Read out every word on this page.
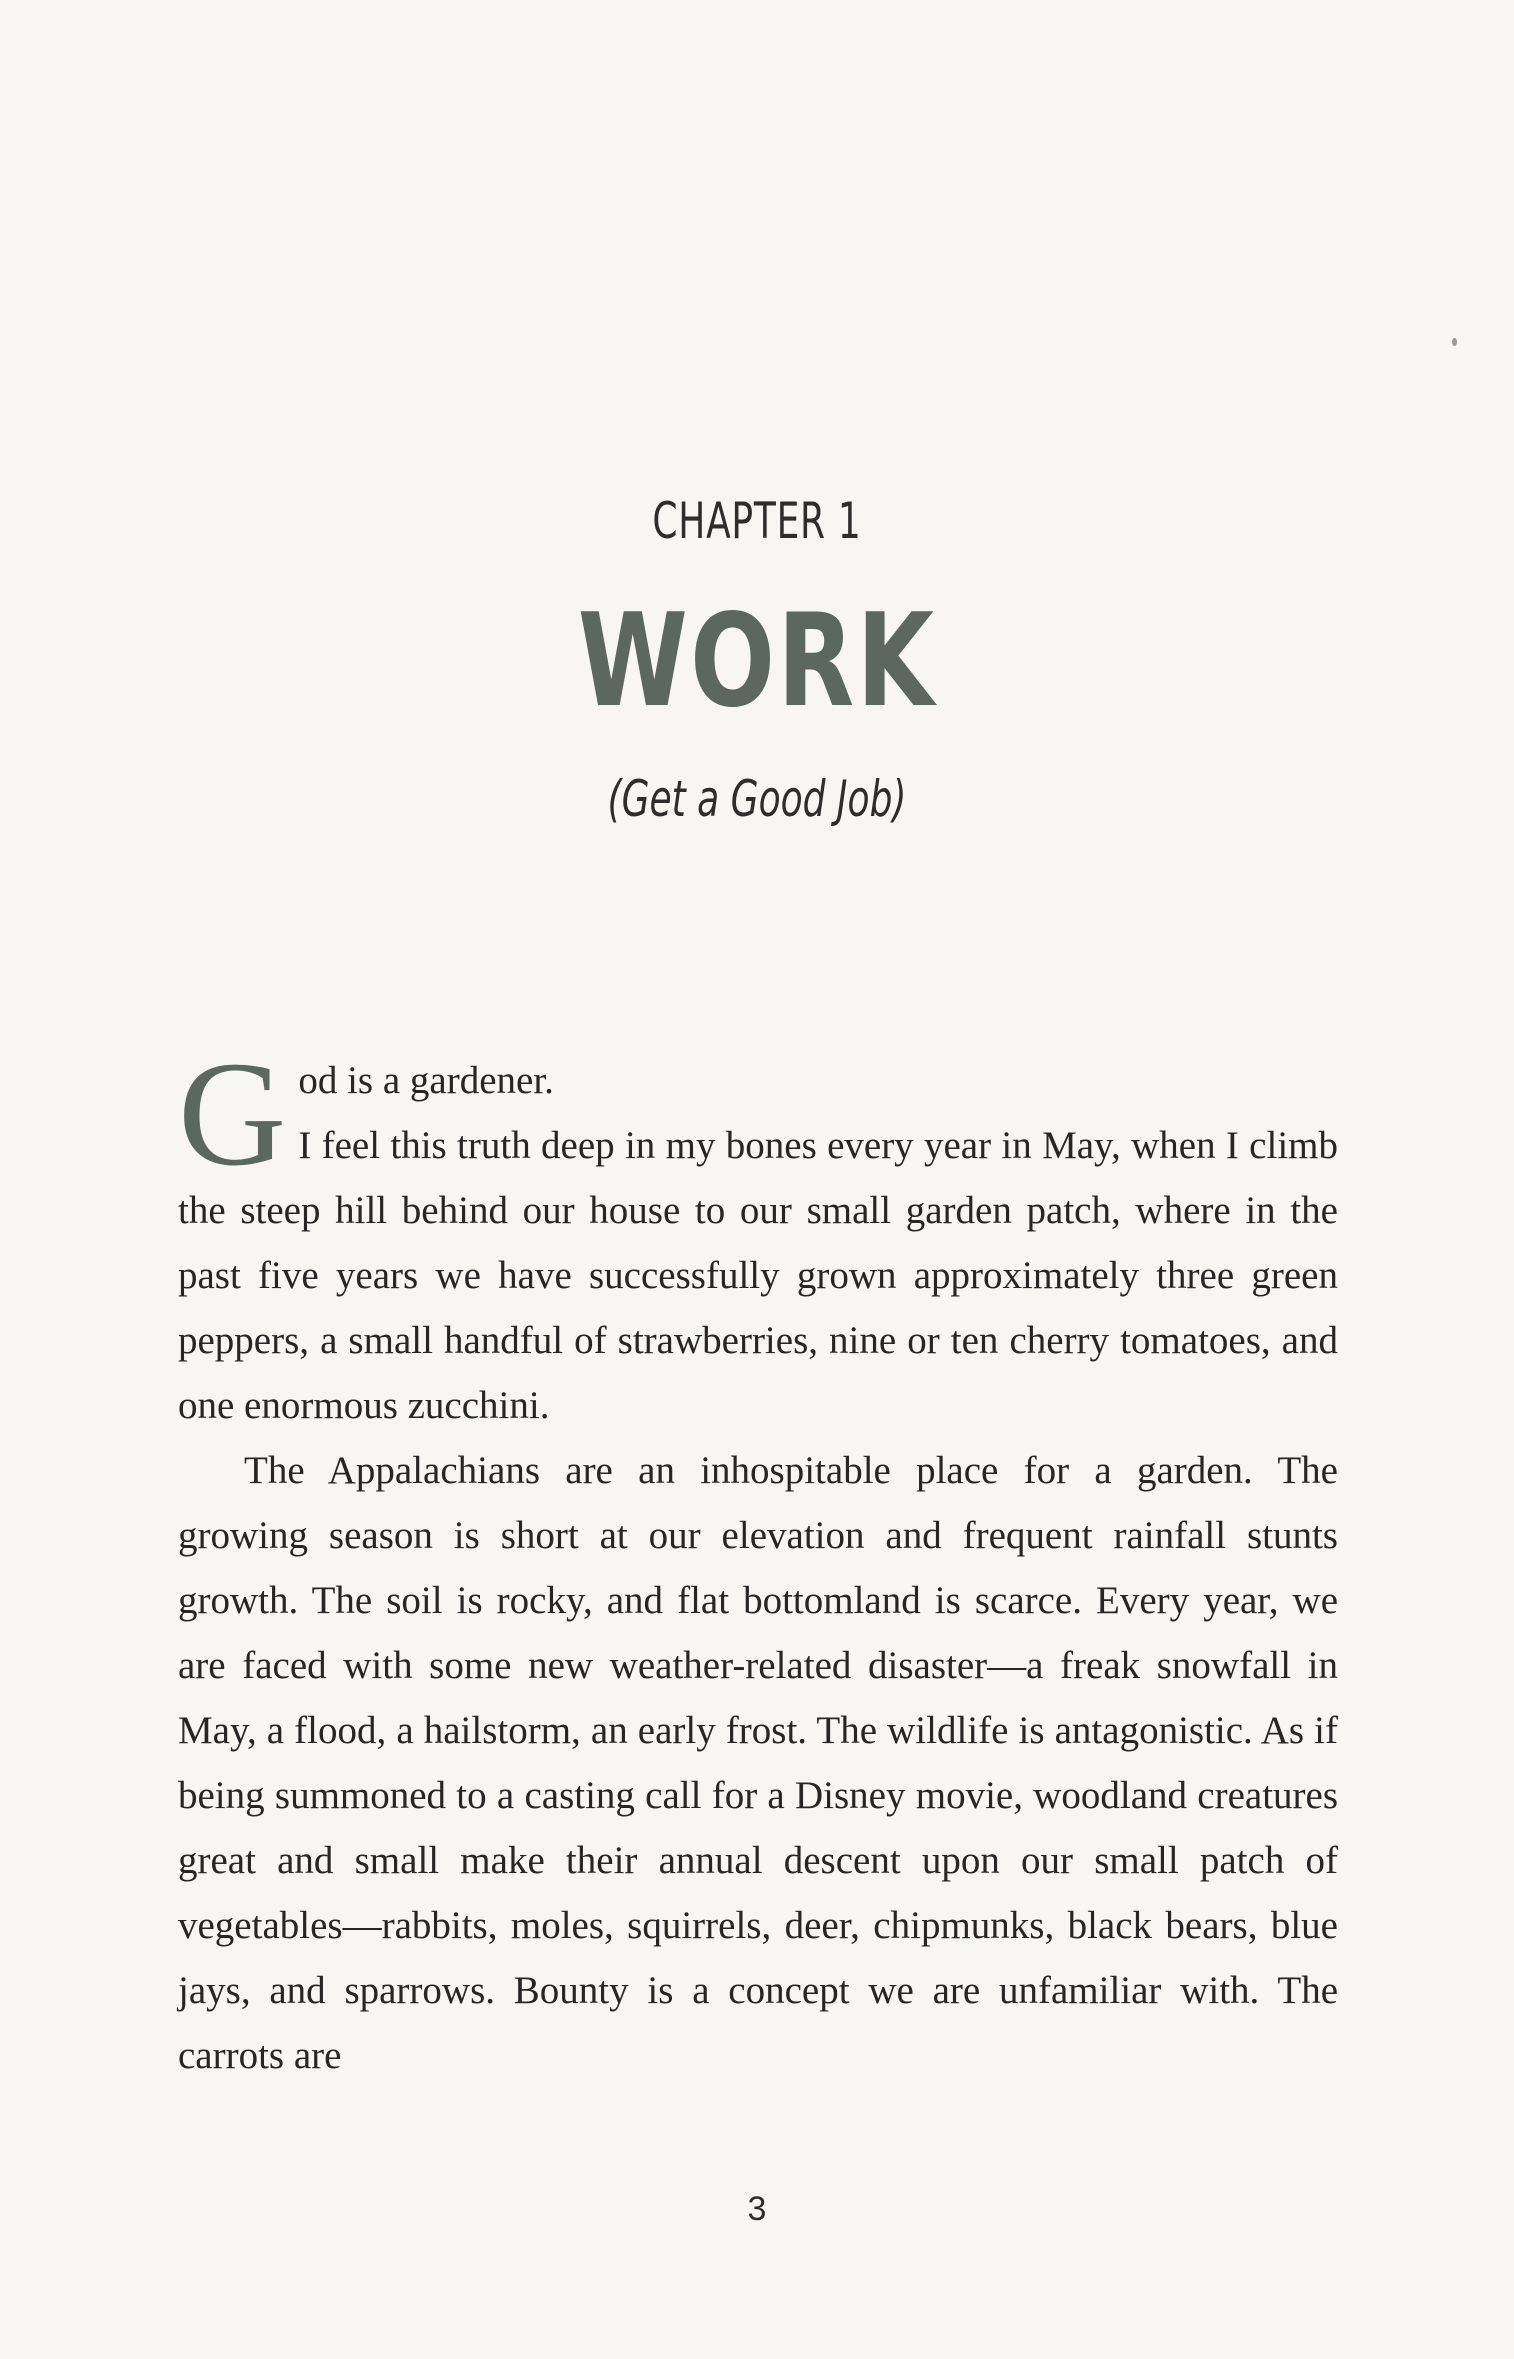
CHAPTER 1
WORK
(Get a Good Job)
G od is a gardener.
I feel this truth deep in my bones every year in May, when I climb the steep hill behind our house to our small garden patch, where in the past five years we have successfully grown approximately three green peppers, a small handful of strawberries, nine or ten cherry tomatoes, and one enormous zucchini.

The Appalachians are an inhospitable place for a garden. The growing season is short at our elevation and frequent rainfall stunts growth. The soil is rocky, and flat bottomland is scarce. Every year, we are faced with some new weather-related disaster—a freak snowfall in May, a flood, a hailstorm, an early frost. The wildlife is antagonistic. As if being summoned to a casting call for a Disney movie, woodland creatures great and small make their annual descent upon our small patch of vegetables—rabbits, moles, squirrels, deer, chipmunks, black bears, blue jays, and sparrows. Bounty is a concept we are unfamiliar with. The carrots are

3
